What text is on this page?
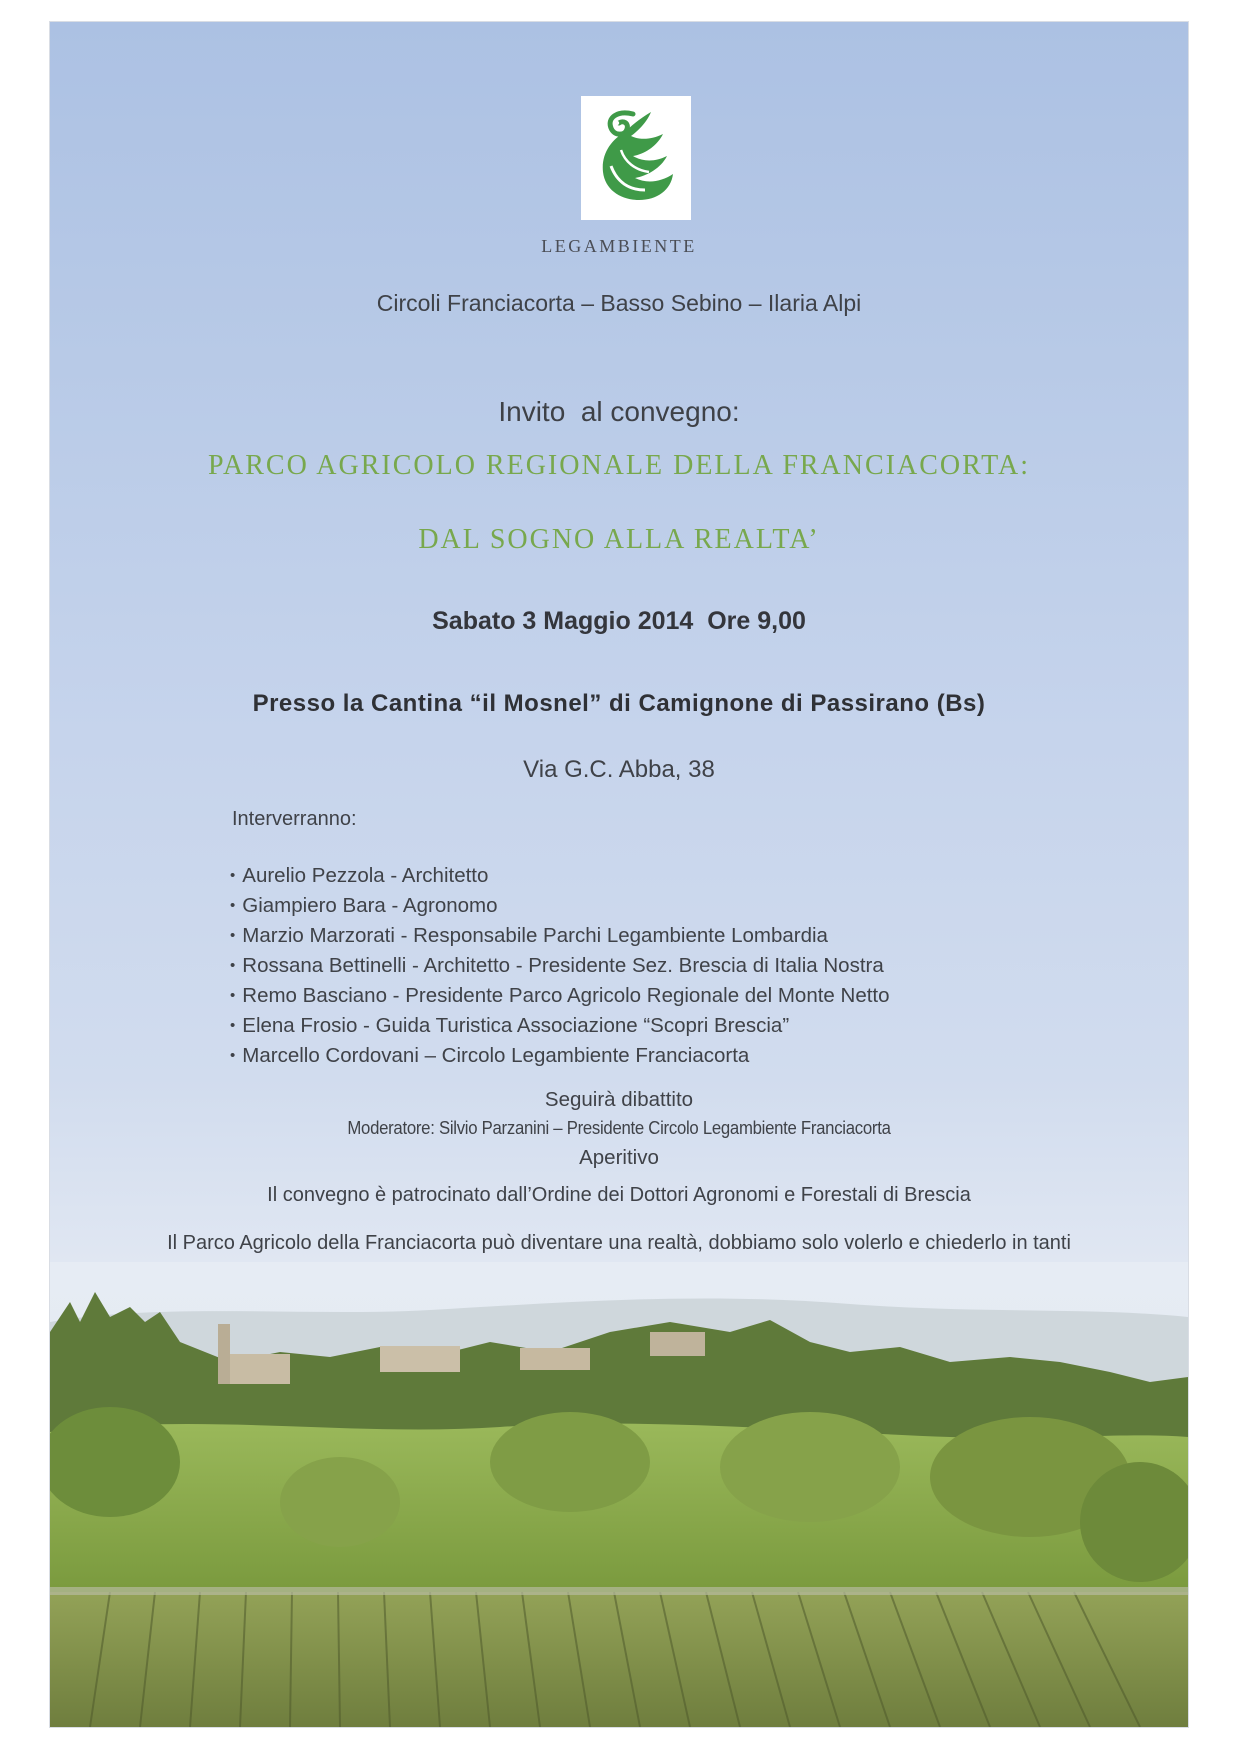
LEGAMBIENTE
Circoli Franciacorta – Basso Sebino – Ilaria Alpi
Invito  al convegno:
PARCO AGRICOLO REGIONALE DELLA FRANCIACORTA:
DAL SOGNO ALLA REALTA’
Sabato 3 Maggio 2014  Ore 9,00
Presso la Cantina “il Mosnel” di Camignone di Passirano (Bs)
Via G.C. Abba, 38
Interverranno:
• Aurelio Pezzola - Architetto
• Giampiero Bara - Agronomo
• Marzio Marzorati - Responsabile Parchi Legambiente Lombardia
• Rossana Bettinelli - Architetto - Presidente Sez. Brescia di Italia Nostra
• Remo Basciano - Presidente Parco Agricolo Regionale del Monte Netto
• Elena Frosio - Guida Turistica Associazione “Scopri Brescia”
• Marcello Cordovani – Circolo Legambiente Franciacorta
Seguirà dibattito
Moderatore: Silvio Parzanini – Presidente Circolo Legambiente Franciacorta
Aperitivo
Il convegno è patrocinato dall’Ordine dei Dottori Agronomi e Forestali di Brescia
Il Parco Agricolo della Franciacorta può diventare una realtà, dobbiamo solo volerlo e chiederlo in tanti
